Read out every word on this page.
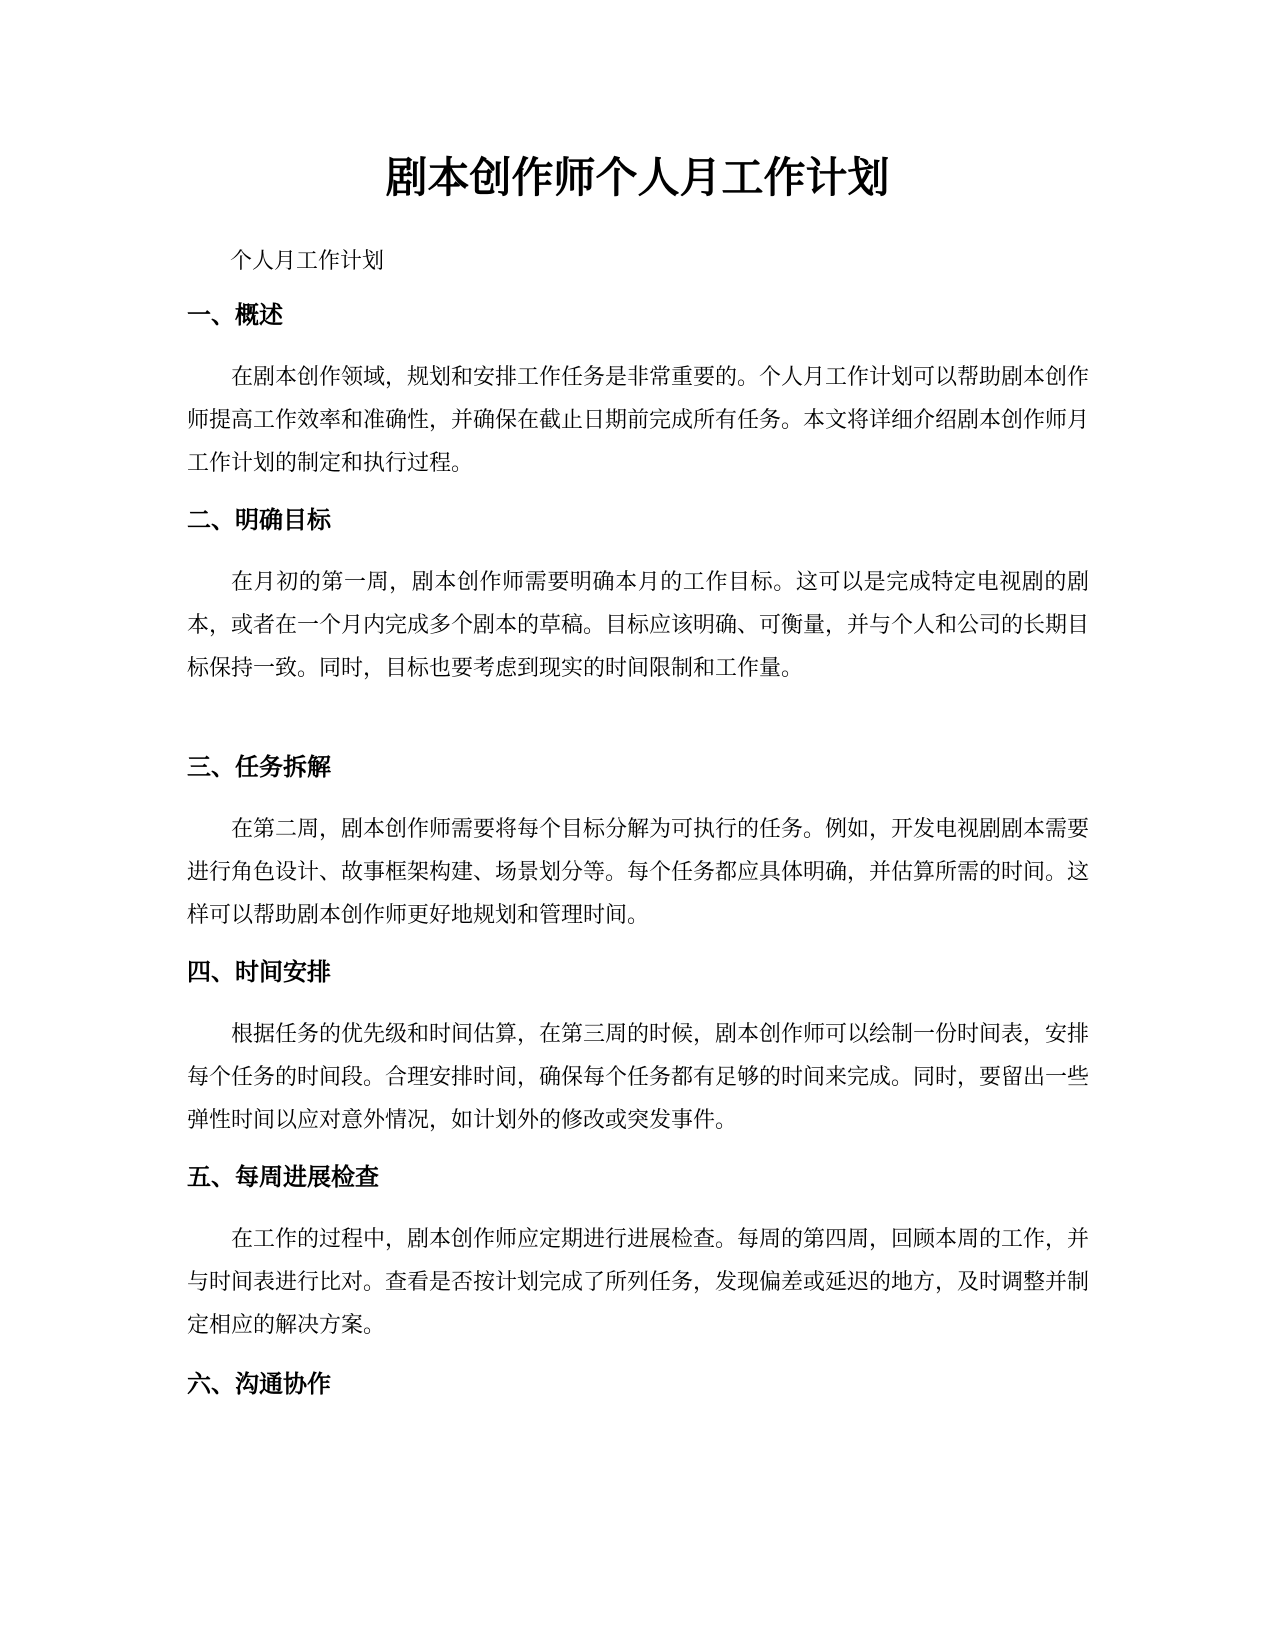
剧本创作师个人月工作计划

个人月工作计划

一、概述

在剧本创作领域，规划和安排工作任务是非常重要的。个人月工作计划可以帮助剧本创作师提高工作效率和准确性，并确保在截止日期前完成所有任务。本文将详细介绍剧本创作师月工作计划的制定和执行过程。

二、明确目标

在月初的第一周，剧本创作师需要明确本月的工作目标。这可以是完成特定电视剧的剧本，或者在一个月内完成多个剧本的草稿。目标应该明确、可衡量，并与个人和公司的长期目标保持一致。同时，目标也要考虑到现实的时间限制和工作量。

三、任务拆解

在第二周，剧本创作师需要将每个目标分解为可执行的任务。例如，开发电视剧剧本需要进行角色设计、故事框架构建、场景划分等。每个任务都应具体明确，并估算所需的时间。这样可以帮助剧本创作师更好地规划和管理时间。

四、时间安排

根据任务的优先级和时间估算，在第三周的时候，剧本创作师可以绘制一份时间表，安排每个任务的时间段。合理安排时间，确保每个任务都有足够的时间来完成。同时，要留出一些弹性时间以应对意外情况，如计划外的修改或突发事件。

五、每周进展检查

在工作的过程中，剧本创作师应定期进行进展检查。每周的第四周，回顾本周的工作，并与时间表进行比对。查看是否按计划完成了所列任务，发现偏差或延迟的地方，及时调整并制定相应的解决方案。

六、沟通协作
